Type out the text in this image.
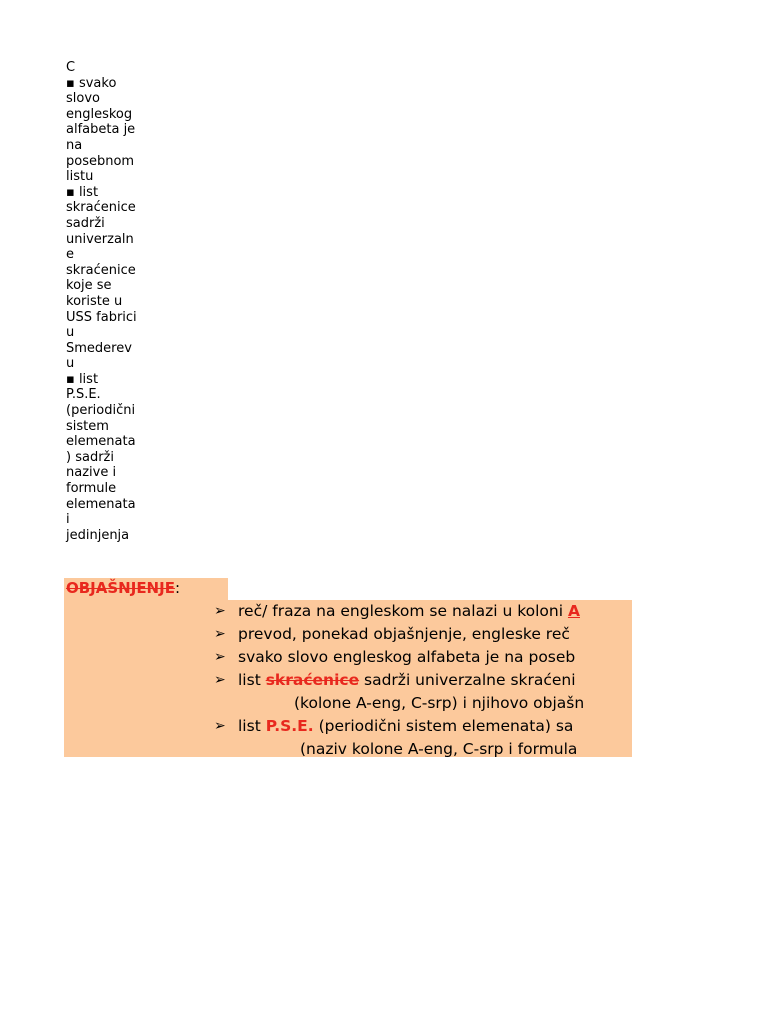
C
▪ svako
slovo
engleskog
alfabeta je
na
posebnom
listu
▪ list
skraćenice
sadrži
univerzaln
e
skraćenice
koje se
koriste u
USS fabrici
u
Smederev
u
▪ list
P.S.E.
(periodični
sistem
elemenata
) sadrži
nazive i
formule
elemenata
i
jedinjenja
OBJAŠNJENJE:
➢ reč/ fraza na engleskom se nalazi u koloni A
➢ prevod, ponekad objašnjenje, engleske reč
➢ svako slovo engleskog alfabeta je na poseb
➢ list skraćenice sadrži univerzalne skraćeni
(kolone A-eng, C-srp) i njihovo objašn
➢ list P.S.E. (periodični sistem elemenata) sa
(naziv kolone A-eng, C-srp i formula
